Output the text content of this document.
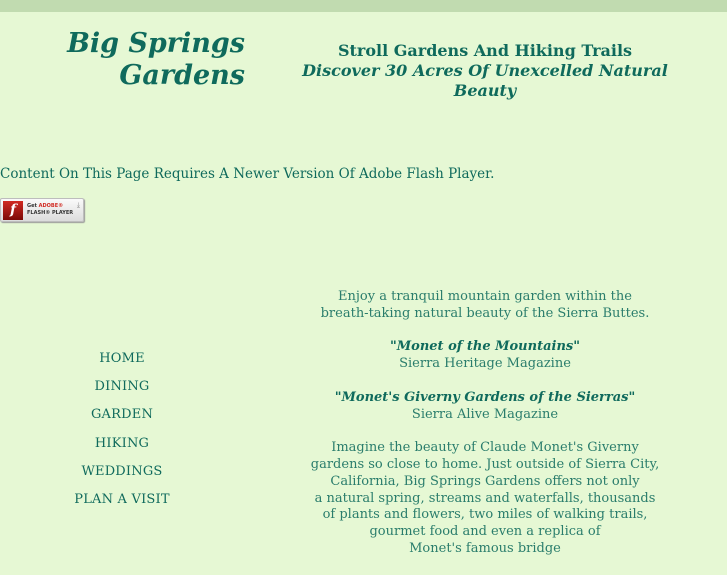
Big Springs
Gardens
Stroll Gardens And Hiking Trails
Discover 30 Acres Of Unexcelled Natural Beauty
Content On This Page Requires A Newer Version Of Adobe Flash Player.
f	Get ADOBE®
FLASH® PLAYER
⤓
HOME
DINING
GARDEN
HIKING
WEDDINGS
PLAN A VISIT

Enjoy a tranquil mountain garden within the
breath-taking natural beauty of the Sierra Buttes.

"Monet of the Mountains"
Sierra Heritage Magazine

"Monet's Giverny Gardens of the Sierras"
Sierra Alive Magazine

Imagine the beauty of Claude Monet's Giverny
gardens so close to home. Just outside of Sierra City,
California, Big Springs Gardens offers not only
a natural spring, streams and waterfalls, thousands
of plants and flowers, two miles of walking trails,
gourmet food and even a replica of
Monet's famous bridge
